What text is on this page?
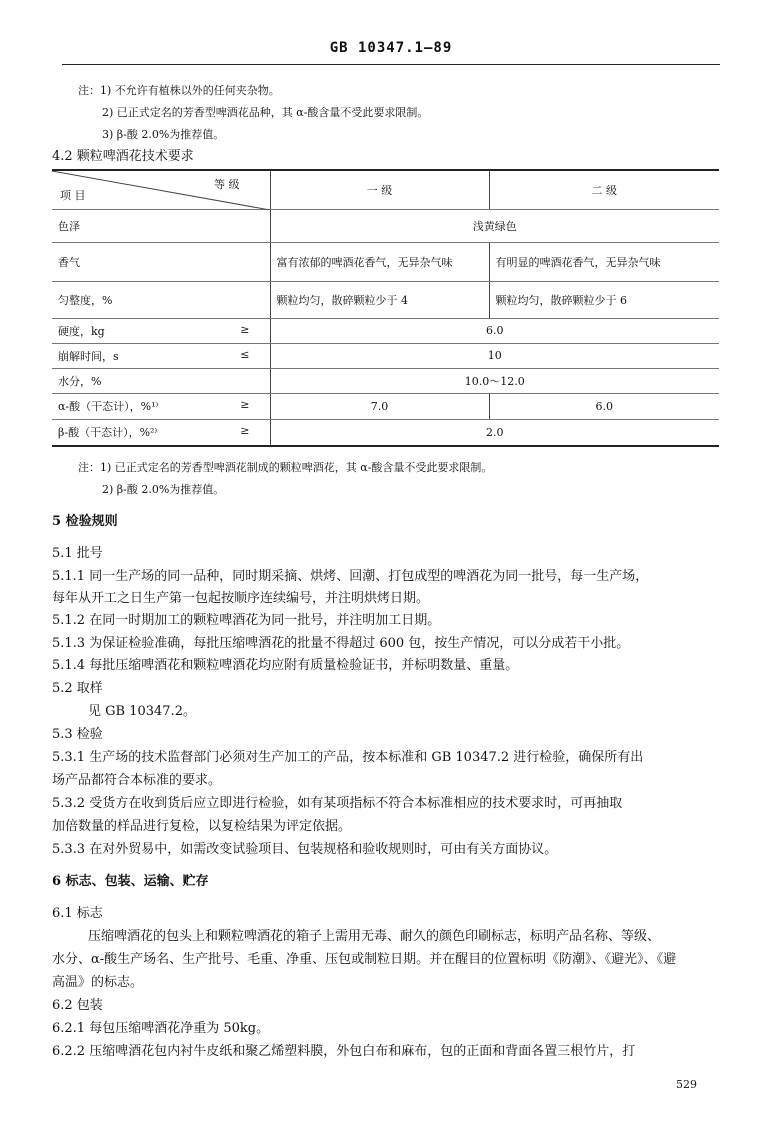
GB 10347.1—89
注：1) 不允许有植株以外的任何夹杂物。
2) 已正式定名的芳香型啤酒花品种，其 α-酸含量不受此要求限制。
3) β-酸 2.0%为推荐值。
4.2 颗粒啤酒花技术要求
等 级
项 目	一 级	二 级
色泽	浅黄绿色	
香气	富有浓郁的啤酒花香气，无异杂气味	有明显的啤酒花香气，无异杂气味
匀整度，%	颗粒均匀，散碎颗粒少于 4	颗粒均匀，散碎颗粒少于 6
硬度，kg ≥	6.0	
崩解时间，s ≤	10	
水分，%	10.0～12.0	
α-酸（干态计），%¹⁾ ≥	7.0	6.0
β-酸（干态计），%²⁾ ≥	2.0	
注：1) 已正式定名的芳香型啤酒花制成的颗粒啤酒花，其 α-酸含量不受此要求限制。
2) β-酸 2.0%为推荐值。
5 检验规则
5.1 批号
5.1.1 同一生产场的同一品种，同时期采摘、烘烤、回潮、打包成型的啤酒花为同一批号，每一生产场，
每年从开工之日生产第一包起按顺序连续编号，并注明烘烤日期。
5.1.2 在同一时期加工的颗粒啤酒花为同一批号，并注明加工日期。
5.1.3 为保证检验准确，每批压缩啤酒花的批量不得超过 600 包，按生产情况，可以分成若干小批。
5.1.4 每批压缩啤酒花和颗粒啤酒花均应附有质量检验证书，并标明数量、重量。
5.2 取样
见 GB 10347.2。
5.3 检验
5.3.1 生产场的技术监督部门必须对生产加工的产品，按本标准和 GB 10347.2 进行检验，确保所有出
场产品都符合本标准的要求。
5.3.2 受货方在收到货后应立即进行检验，如有某项指标不符合本标准相应的技术要求时，可再抽取
加倍数量的样品进行复检，以复检结果为评定依据。
5.3.3 在对外贸易中，如需改变试验项目、包装规格和验收规则时，可由有关方面协议。
6 标志、包装、运输、贮存
6.1 标志
压缩啤酒花的包头上和颗粒啤酒花的箱子上需用无毒、耐久的颜色印刷标志，标明产品名称、等级、
水分、α-酸生产场名、生产批号、毛重、净重、压包或制粒日期。并在醒目的位置标明《防潮》、《避光》、《避
高温》的标志。
6.2 包装
6.2.1 每包压缩啤酒花净重为 50kg。
6.2.2 压缩啤酒花包内衬牛皮纸和聚乙烯塑料膜，外包白布和麻布，包的正面和背面各置三根竹片，打
529
